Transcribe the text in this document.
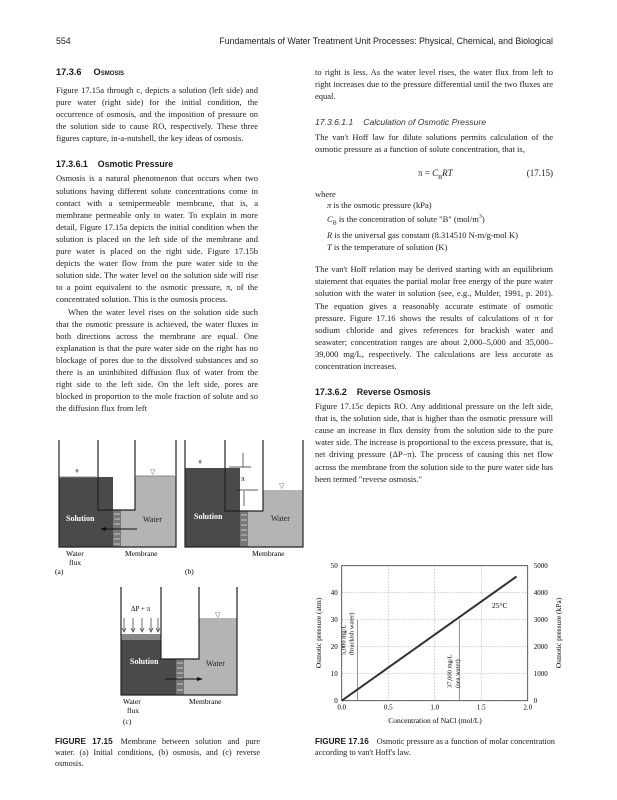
554	Fundamentals of Water Treatment Unit Processes: Physical, Chemical, and Biological
17.3.6 Osmosis

Figure 17.15a through c, depicts a solution (left side) and pure water (right side) for the initial condition, the occurrence of osmosis, and the imposition of pressure on the solution side to cause RO, respectively. These three figures capture, in-a-nutshell, the key ideas of osmosis.

17.3.6.1 Osmotic Pressure

Osmosis is a natural phenomenon that occurs when two solutions having different solute concentrations come in contact with a semipermeable membrane, that is, a membrane permeable only to water. To explain in more detail, Figure 17.15a depicts the initial condition when the solution is placed on the left side of the membrane and pure water is placed on the right side. Figure 17.15b depicts the water flow from the pure water side to the solution side. The water level on the solution side will rise to a point equivalent to the osmotic pressure, π, of the concentrated solution. This is the osmosis process.

When the water level rises on the solution side such that the osmotic pressure is achieved, the water fluxes in both directions across the membrane are equal. One explanation is that the pure water side on the right has no blockage of pores due to the dissolved substances and so there is an uninhibited diffusion flux of water from the right side to the left side. On the left side, pores are blocked in proportion to the mole fraction of solute and so the diffusion flux from left

to right is less. As the water level rises, the water flux from left to right increases due to the pressure differential until the two fluxes are equal.

17.3.6.1.1 Calculation of Osmotic Pressure

The van't Hoff law for dilute solutions permits calculation of the osmotic pressure as a function of solute concentration, that is,

$\pi = C_BRT$	(17.15)
where
π is the osmotic pressure (kPa)
$C_B$ is the concentration of solute "B" $(mol/m^3)$
R is the universal gas constant (8.314510 N-m/g-mol K)
T is the temperature of solution (K)

The van't Hoff relation may be derived starting with an equilibrium statement that equates the partial molar free energy of the pure water solution with the water in solution (see, e.g., Mulder, 1991, p. 201). The equation gives a reasonably accurate estimate of osmotic pressure. Figure 17.16 shows the results of calculations of π for sodium chloride and gives references for brackish water and seawater; concentration ranges are about 2,000–5,000 and 35,000–39,000 mg/L, respectively. The calculations are less accurate as concentration increases.

17.3.6.2 Reverse Osmosis

Figure 17.15c depicts RO. Any additional pressure on the left side, that is, the solution side, that is higher than the osmotic pressure will cause an increase in flux density from the solution side to the pure water side. The increase is proportional to the excess pressure, that is, net driving pressure (ΔP−π). The process of causing this net flow across the membrane from the solution side to the pure water side has been termed "reverse osmosis."

♦	▽
Solution	Water
Water
flux
Membrane
(a)
♦
▽
π
Solution	Water
Membrane
(b)
▽
ΔP + π
Solution	Water
Water
flux
Membrane
(c)
FIGURE 17.15 Membrane between solution and pure water. (a) Initial conditions, (b) osmosis, and (c) reverse osmosis.
0.0	0.5	1.0	1.5	2.0
0	0
10	1000
20	2000
30	3000
40	4000
50	5000
5,000 mg/L (brackish water)
37,000 mg/L (sea water)
Concentration of NaCl (mol/L)
Osmotic pressure (atm)	Osmotic pressure (kPa)
25°C
FIGURE 17.16 Osmotic pressure as a function of molar concentration according to van't Hoff's law.
